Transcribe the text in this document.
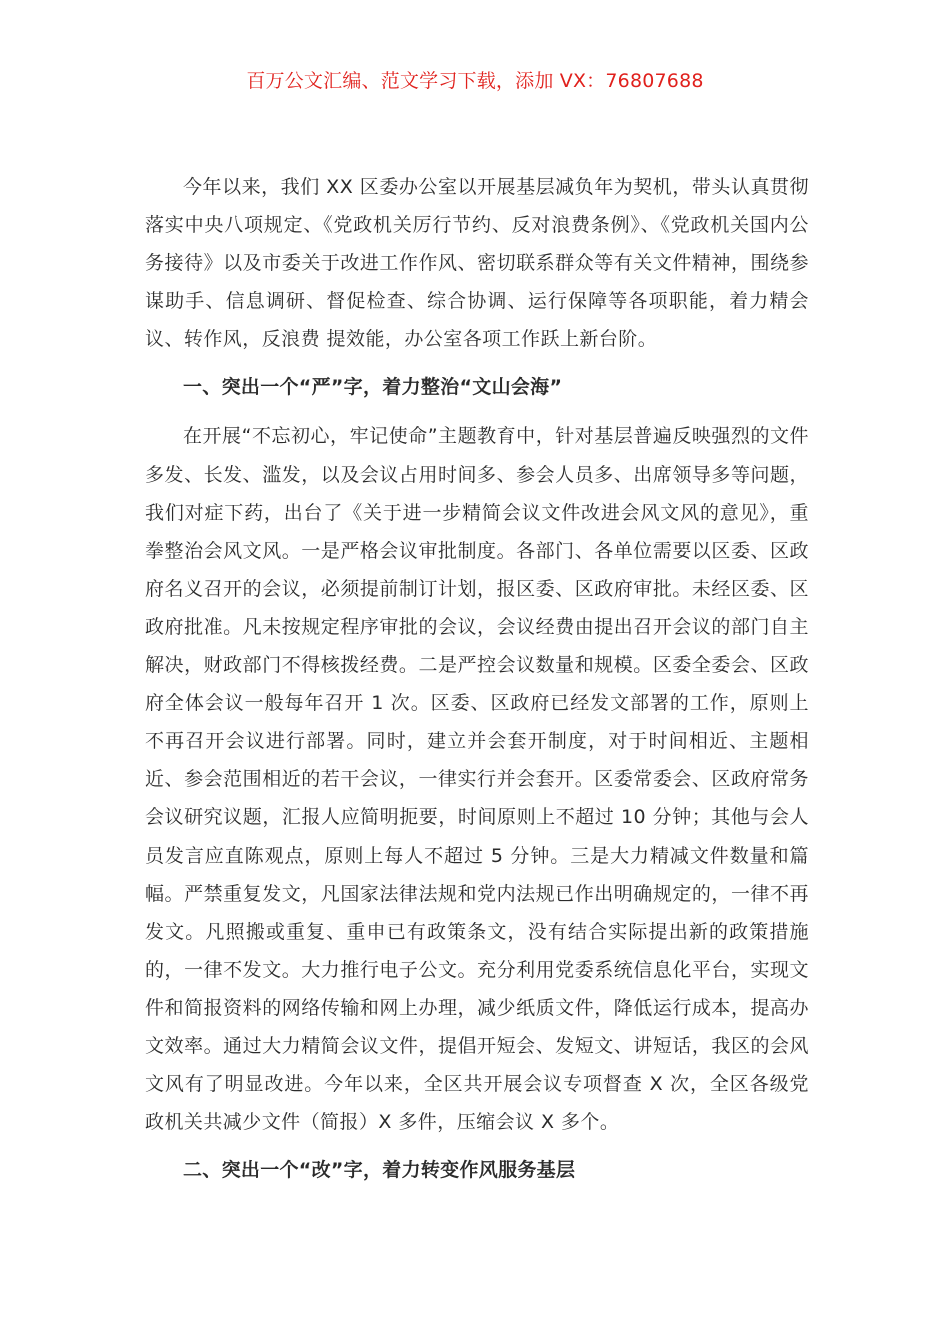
百万公文汇编、范文学习下载，添加 VX：76807688

今年以来，我们 XX 区委办公室以开展基层减负年为契机，带头认真贯彻落实中央八项规定、《党政机关厉行节约、反对浪费条例》、《党政机关国内公务接待》以及市委关于改进工作作风、密切联系群众等有关文件精神，围绕参谋助手、信息调研、督促检查、综合协调、运行保障等各项职能，着力精会议、转作风，反浪费 提效能，办公室各项工作跃上新台阶。

一、突出一个“严”字，着力整治“文山会海”

在开展“不忘初心，牢记使命”主题教育中，针对基层普遍反映强烈的文件多发、长发、滥发，以及会议占用时间多、参会人员多、出席领导多等问题，我们对症下药，出台了《关于进一步精简会议文件改进会风文风的意见》，重拳整治会风文风。一是严格会议审批制度。各部门、各单位需要以区委、区政府名义召开的会议，必须提前制订计划，报区委、区政府审批。未经区委、区政府批准。凡未按规定程序审批的会议，会议经费由提出召开会议的部门自主解决，财政部门不得核拨经费。二是严控会议数量和规模。区委全委会、区政府全体会议一般每年召开 1 次。区委、区政府已经发文部署的工作，原则上不再召开会议进行部署。同时，建立并会套开制度，对于时间相近、主题相近、参会范围相近的若干会议，一律实行并会套开。区委常委会、区政府常务会议研究议题，汇报人应简明扼要，时间原则上不超过 10 分钟；其他与会人员发言应直陈观点，原则上每人不超过 5 分钟。三是大力精减文件数量和篇幅。严禁重复发文，凡国家法律法规和党内法规已作出明确规定的，一律不再发文。凡照搬或重复、重申已有政策条文，没有结合实际提出新的政策措施的，一律不发文。大力推行电子公文。充分利用党委系统信息化平台，实现文件和简报资料的网络传输和网上办理，减少纸质文件，降低运行成本，提高办文效率。通过大力精简会议文件，提倡开短会、发短文、讲短话，我区的会风文风有了明显改进。今年以来，全区共开展会议专项督查 X 次，全区各级党政机关共减少文件（简报）X 多件，压缩会议 X 多个。

二、突出一个“改”字，着力转变作风服务基层
